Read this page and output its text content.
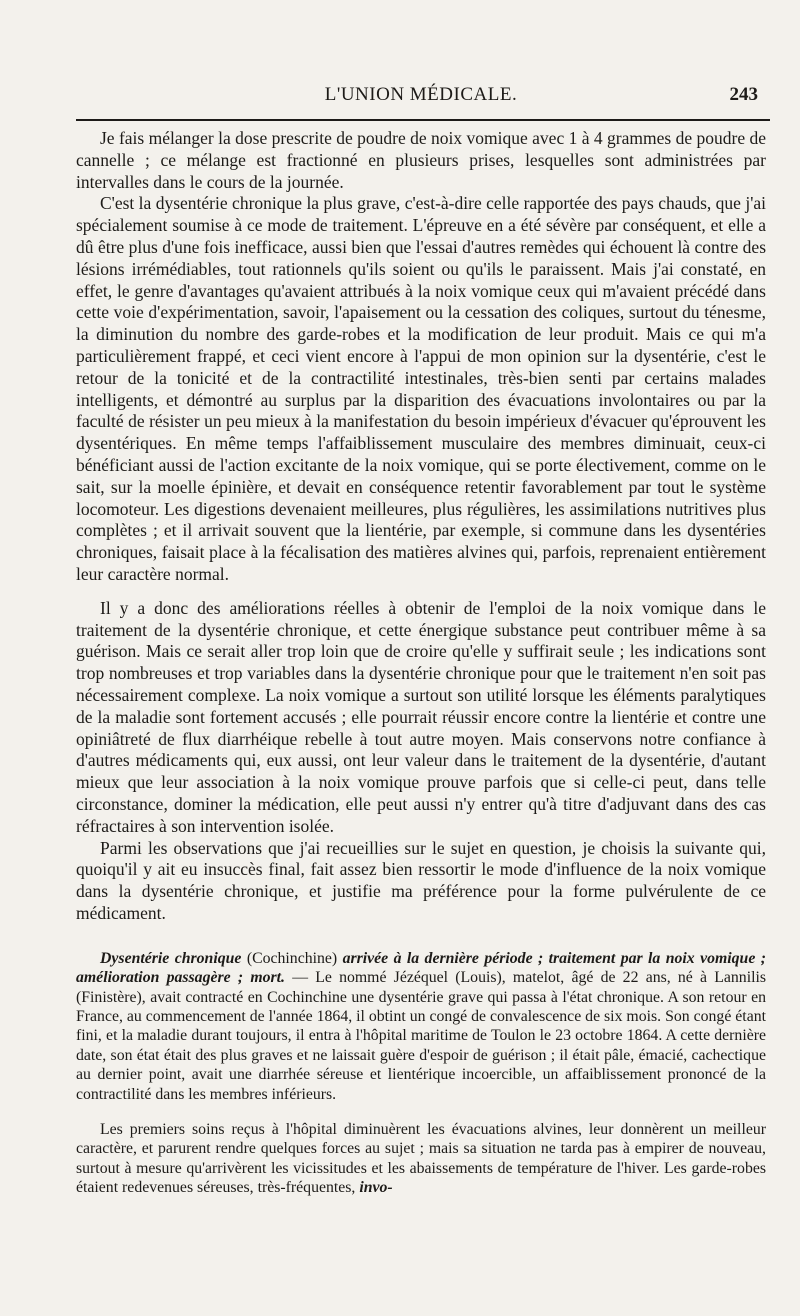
L'UNION MÉDICALE.	243

Je fais mélanger la dose prescrite de poudre de noix vomique avec 1 à 4 grammes de poudre de cannelle ; ce mélange est fractionné en plusieurs prises, lesquelles sont administrées par intervalles dans le cours de la journée.

C'est la dysentérie chronique la plus grave, c'est-à-dire celle rapportée des pays chauds, que j'ai spécialement soumise à ce mode de traitement. L'épreuve en a été sévère par conséquent, et elle a dû être plus d'une fois inefficace, aussi bien que l'essai d'autres remèdes qui échouent là contre des lésions irrémédiables, tout rationnels qu'ils soient ou qu'ils le paraissent. Mais j'ai constaté, en effet, le genre d'avantages qu'avaient attribués à la noix vomique ceux qui m'avaient précédé dans cette voie d'expérimentation, savoir, l'apaisement ou la cessation des coliques, surtout du ténesme, la diminution du nombre des garde-robes et la modification de leur produit. Mais ce qui m'a particulièrement frappé, et ceci vient encore à l'appui de mon opinion sur la dysentérie, c'est le retour de la tonicité et de la contractilité intestinales, très-bien senti par certains malades intelligents, et démontré au surplus par la disparition des évacuations involontaires ou par la faculté de résister un peu mieux à la manifestation du besoin impérieux d'évacuer qu'éprouvent les dysentériques. En même temps l'affaiblissement musculaire des membres diminuait, ceux-ci bénéficiant aussi de l'action excitante de la noix vomique, qui se porte électivement, comme on le sait, sur la moelle épinière, et devait en conséquence retentir favorablement par tout le système locomoteur. Les digestions devenaient meilleures, plus régulières, les assimilations nutritives plus complètes ; et il arrivait souvent que la lientérie, par exemple, si commune dans les dysentéries chroniques, faisait place à la fécalisation des matières alvines qui, parfois, reprenaient entièrement leur caractère normal.

Il y a donc des améliorations réelles à obtenir de l'emploi de la noix vomique dans le traitement de la dysentérie chronique, et cette énergique substance peut contribuer même à sa guérison. Mais ce serait aller trop loin que de croire qu'elle y suffirait seule ; les indications sont trop nombreuses et trop variables dans la dysentérie chronique pour que le traitement n'en soit pas nécessairement complexe. La noix vomique a surtout son utilité lorsque les éléments paralytiques de la maladie sont fortement accusés ; elle pourrait réussir encore contre la lientérie et contre une opiniâtreté de flux diarrhéique rebelle à tout autre moyen. Mais conservons notre confiance à d'autres médicaments qui, eux aussi, ont leur valeur dans le traitement de la dysentérie, d'autant mieux que leur association à la noix vomique prouve parfois que si celle-ci peut, dans telle circonstance, dominer la médication, elle peut aussi n'y entrer qu'à titre d'adjuvant dans des cas réfractaires à son intervention isolée.

Parmi les observations que j'ai recueillies sur le sujet en question, je choisis la suivante qui, quoiqu'il y ait eu insuccès final, fait assez bien ressortir le mode d'influence de la noix vomique dans la dysentérie chronique, et justifie ma préférence pour la forme pulvérulente de ce médicament.

Dysentérie chronique (Cochinchine) arrivée à la dernière période ; traitement par la noix vomique ; amélioration passagère ; mort. — Le nommé Jézéquel (Louis), matelot, âgé de 22 ans, né à Lannilis (Finistère), avait contracté en Cochinchine une dysentérie grave qui passa à l'état chronique. A son retour en France, au commencement de l'année 1864, il obtint un congé de convalescence de six mois. Son congé étant fini, et la maladie durant toujours, il entra à l'hôpital maritime de Toulon le 23 octobre 1864. A cette dernière date, son état était des plus graves et ne laissait guère d'espoir de guérison ; il était pâle, émacié, cachectique au dernier point, avait une diarrhée séreuse et lientérique incoercible, un affaiblissement prononcé de la contractilité dans les membres inférieurs.

Les premiers soins reçus à l'hôpital diminuèrent les évacuations alvines, leur donnèrent un meilleur caractère, et parurent rendre quelques forces au sujet ; mais sa situation ne tarda pas à empirer de nouveau, surtout à mesure qu'arrivèrent les vicissitudes et les abaissements de température de l'hiver. Les garde-robes étaient redevenues séreuses, très-fréquentes, invo-
